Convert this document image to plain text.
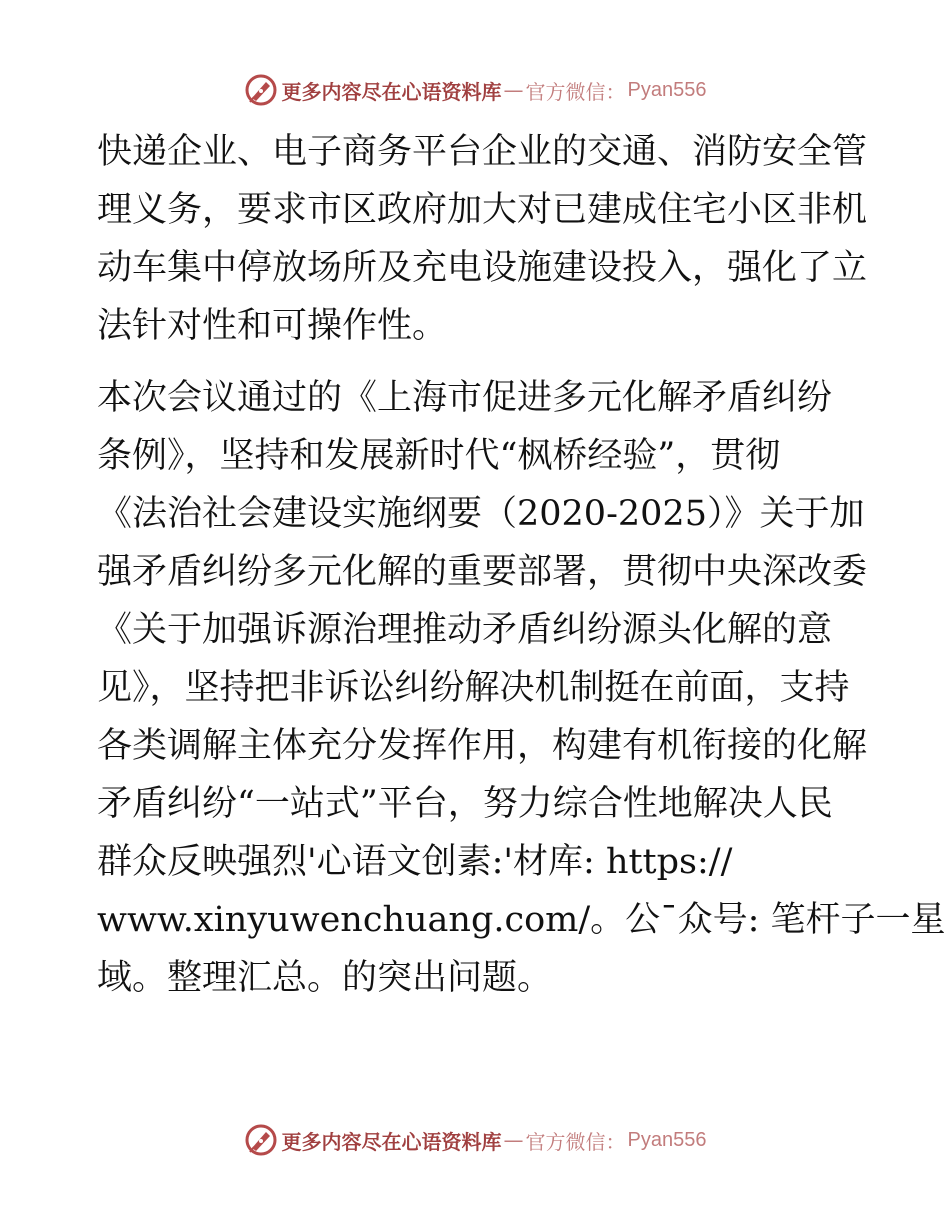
更多内容尽在心语资料库 — 官方微信： Pyan556
快递企业、电子商务平台企业的交通、消防安全管
理义务，要求市区政府加大对已建成住宅小区非机
动车集中停放场所及充电设施建设投入，强化了立
法针对性和可操作性。
本次会议通过的《上海市促进多元化解矛盾纠纷
条例》，坚持和发展新时代“枫桥经验”，贯彻
《法治社会建设实施纲要（2020-2025）》关于加
强矛盾纠纷多元化解的重要部署，贯彻中央深改委
《关于加强诉源治理推动矛盾纠纷源头化解的意
见》，坚持把非诉讼纠纷解决机制挺在前面，支持
各类调解主体充分发挥作用，构建有机衔接的化解
矛盾纠纷“一站式”平台，努力综合性地解决人民
群众反映强烈'心语文创素:'材库: https://
www.xinyuwenchuang.com/。公¯众号: 笔杆子一星
域。整理汇总。的突出问题。
更多内容尽在心语资料库 — 官方微信： Pyan556
